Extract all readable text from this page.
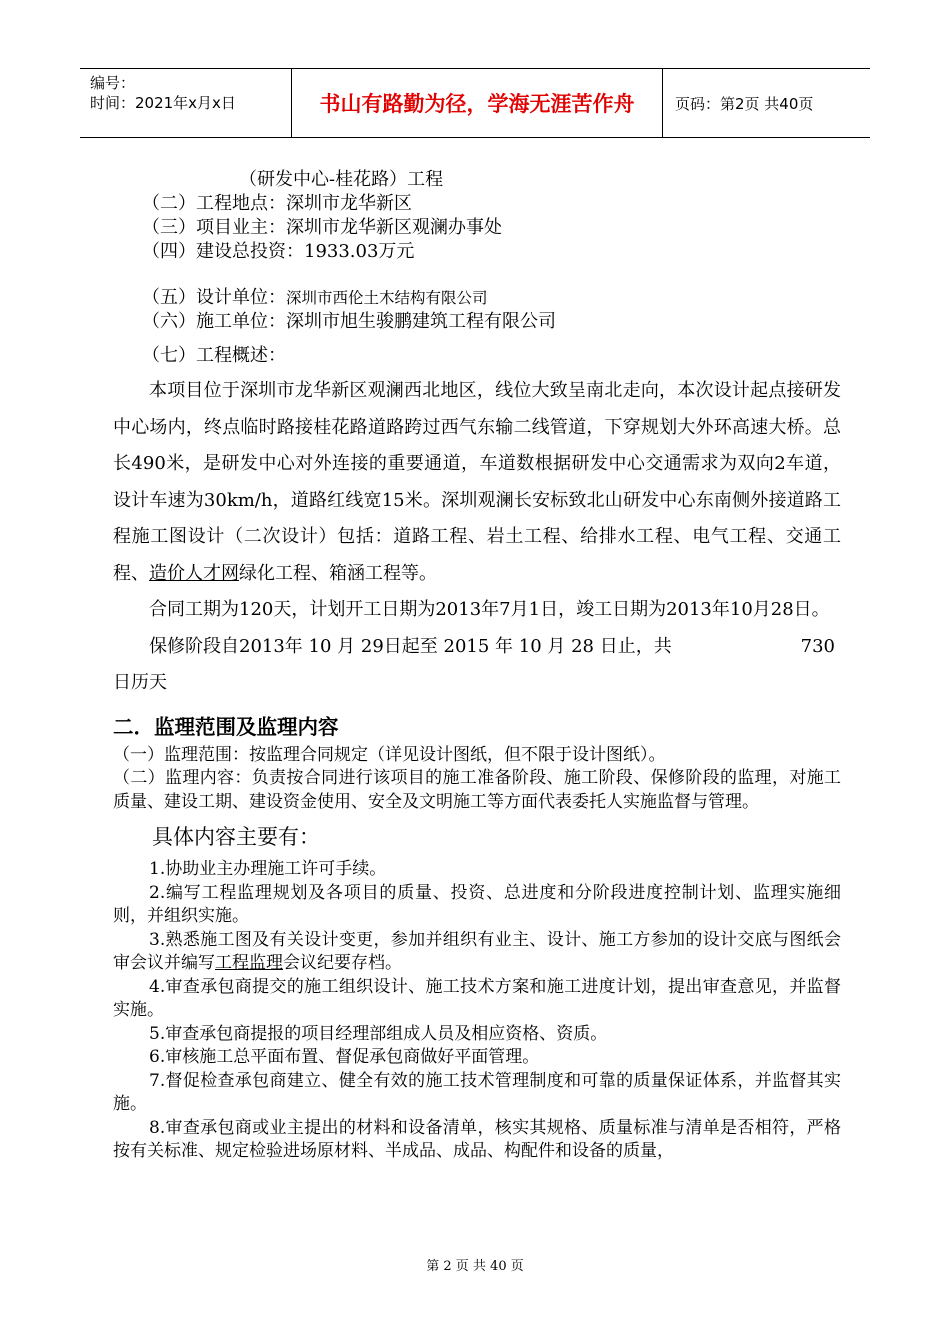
编号：
时间：2021年x月x日	书山有路勤为径，学海无涯苦作舟	页码：第2页 共40页
（研发中心-桂花路）工程
（二）工程地点：深圳市龙华新区
（三）项目业主：深圳市龙华新区观澜办事处
（四）建设总投资：1933.03万元
（五）设计单位：深圳市西伦土木结构有限公司
（六）施工单位：深圳市旭生骏鹏建筑工程有限公司
（七）工程概述：
本项目位于深圳市龙华新区观澜西北地区，线位大致呈南北走向，本次设计起点接研发中心场内，终点临时路接桂花路道路跨过西气东输二线管道，下穿规划大外环高速大桥。总长490米，是研发中心对外连接的重要通道，车道数根据研发中心交通需求为双向2车道，设计车速为30km/h，道路红线宽15米。深圳观澜长安标致北山研发中心东南侧外接道路工程施工图设计（二次设计）包括：道路工程、岩土工程、给排水工程、电气工程、交通工程、造价人才网绿化工程、箱涵工程等。
合同工期为120天，计划开工日期为2013年7月1日，竣工日期为2013年10月28日。
保修阶段自2013年 10 月 29日起至 2015 年 10 月 28 日止，共	730
日历天
二．监理范围及监理内容
（一）监理范围：按监理合同规定（详见设计图纸，但不限于设计图纸）。
（二）监理内容：负责按合同进行该项目的施工准备阶段、施工阶段、保修阶段的监理，对施工质量、建设工期、建设资金使用、安全及文明施工等方面代表委托人实施监督与管理。
具体内容主要有：
1.协助业主办理施工许可手续。
2.编写工程监理规划及各项目的质量、投资、总进度和分阶段进度控制计划、监理实施细则，并组织实施。
3.熟悉施工图及有关设计变更，参加并组织有业主、设计、施工方参加的设计交底与图纸会审会议并编写工程监理会议纪要存档。
4.审查承包商提交的施工组织设计、施工技术方案和施工进度计划，提出审查意见，并监督实施。
5.审查承包商提报的项目经理部组成人员及相应资格、资质。
6.审核施工总平面布置、督促承包商做好平面管理。
7.督促检查承包商建立、健全有效的施工技术管理制度和可靠的质量保证体系，并监督其实施。
8.审查承包商或业主提出的材料和设备清单，核实其规格、质量标准与清单是否相符，严格按有关标准、规定检验进场原材料、半成品、成品、构配件和设备的质量，
第 2 页 共 40 页
